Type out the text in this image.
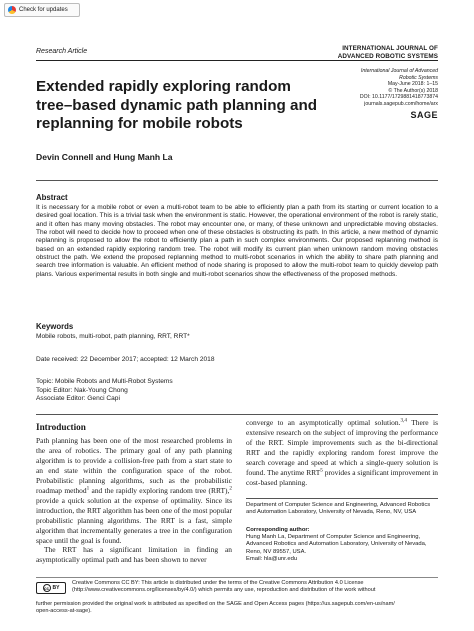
Check for updates
Research Article	INTERNATIONAL JOURNAL OF
ADVANCED ROBOTIC SYSTEMS
International Journal of Advanced
Robotic Systems
May-June 2018: 1–15
© The Author(s) 2018
DOI: 10.1177/1729881418773874
journals.sagepub.com/home/arx
SAGE
Extended rapidly exploring random tree–based dynamic path planning and replanning for mobile robots
Devin Connell and Hung Manh La
Abstract
It is necessary for a mobile robot or even a multi-robot team to be able to efficiently plan a path from its starting or current location to a desired goal location. This is a trivial task when the environment is static. However, the operational environment of the robot is rarely static, and it often has many moving obstacles. The robot may encounter one, or many, of these unknown and unpredictable moving obstacles. The robot will need to decide how to proceed when one of these obstacles is obstructing its path. In this article, a new method of dynamic replanning is proposed to allow the robot to efficiently plan a path in such complex environments. Our proposed replanning method is based on an extended rapidly exploring random tree. The robot will modify its current plan when unknown random moving obstacles obstruct the path. We extend the proposed replanning method to multi-robot scenarios in which the ability to share path planning and search tree information is valuable. An efficient method of node sharing is proposed to allow the multi-robot team to quickly develop path plans. Various experimental results in both single and multi-robot scenarios show the effectiveness of the proposed methods.
Keywords
Mobile robots, multi-robot, path planning, RRT, RRT*
Date received: 22 December 2017; accepted: 12 March 2018
Topic: Mobile Robots and Multi-Robot Systems
Topic Editor: Nak-Young Chong
Associate Editor: Genci Capi
Introduction

Path planning has been one of the most researched problems in the area of robotics. The primary goal of any path planning algorithm is to provide a collision-free path from a start state to an end state within the configuration space of the robot. Probabilistic planning algorithms, such as the probabilistic roadmap method$^1$ and the rapidly exploring random tree (RRT),$^2$ provide a quick solution at the expense of optimality. Since its introduction, the RRT algorithm has been one of the most popular probabilistic planning algorithms. The RRT is a fast, simple algorithm that incrementally generates a tree in the configuration space until the goal is found.

The RRT has a significant limitation in finding an asymptotically optimal path and has been shown to never

converge to an asymptotically optimal solution.$^{3,4}$ There is extensive research on the subject of improving the performance of the RRT. Simple improvements such as the bi-directional RRT and the rapidly exploring random forest improve the search coverage and speed at which a single-query solution is found. The anytime RRT$^5$ provides a significant improvement in cost-based planning.
Department of Computer Science and Engineering, Advanced Robotics and Automation Laboratory, University of Nevada, Reno, NV, USA
Corresponding author:
Hung Manh La, Department of Computer Science and Engineering,
Advanced Robotics and Automation Laboratory, University of Nevada,
Reno, NV 89557, USA.
Email: hla@unr.edu
cc BY
Creative Commons CC BY: This article is distributed under the terms of the Creative Commons Attribution 4.0 License
(http://www.creativecommons.org/licenses/by/4.0/) which permits any use, reproduction and distribution of the work without
further permission provided the original work is attributed as specified on the SAGE and Open Access pages (https://us.sagepub.com/en-us/nam/
open-access-at-sage).
